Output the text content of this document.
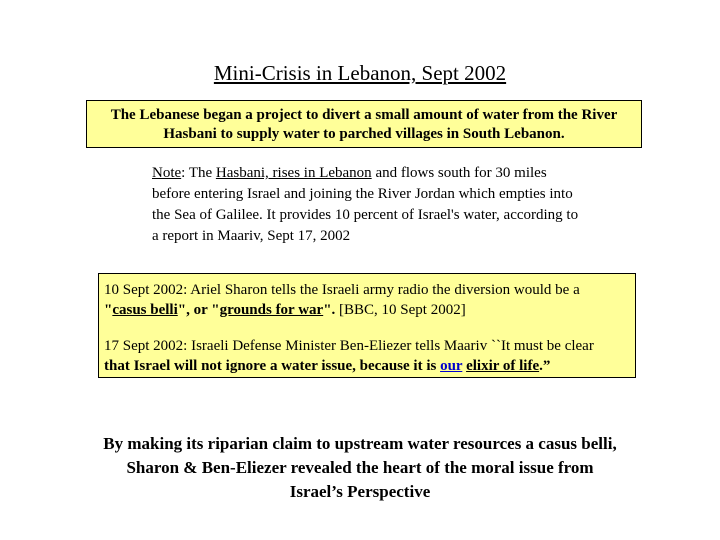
Mini-Crisis in Lebanon, Sept 2002
The Lebanese began a project to divert a small amount of water from the River
Hasbani to supply water to parched villages in South Lebanon.
Note: The Hasbani, rises in Lebanon and flows south for 30 miles
before entering Israel and joining the River Jordan which empties into
the Sea of Galilee. It provides 10 percent of Israel's water, according to
a report in Maariv, Sept 17, 2002
10 Sept 2002: Ariel Sharon tells the Israeli army radio the diversion would be a
"casus belli", or "grounds for war". [BBC, 10 Sept 2002]
17 Sept 2002: Israeli Defense Minister Ben-Eliezer tells Maariv ``It must be clear
that Israel will not ignore a water issue, because it is our elixir of life.”
By making its riparian claim to upstream water resources a casus belli,
Sharon & Ben-Eliezer revealed the heart of the moral issue from
Israel’s Perspective
